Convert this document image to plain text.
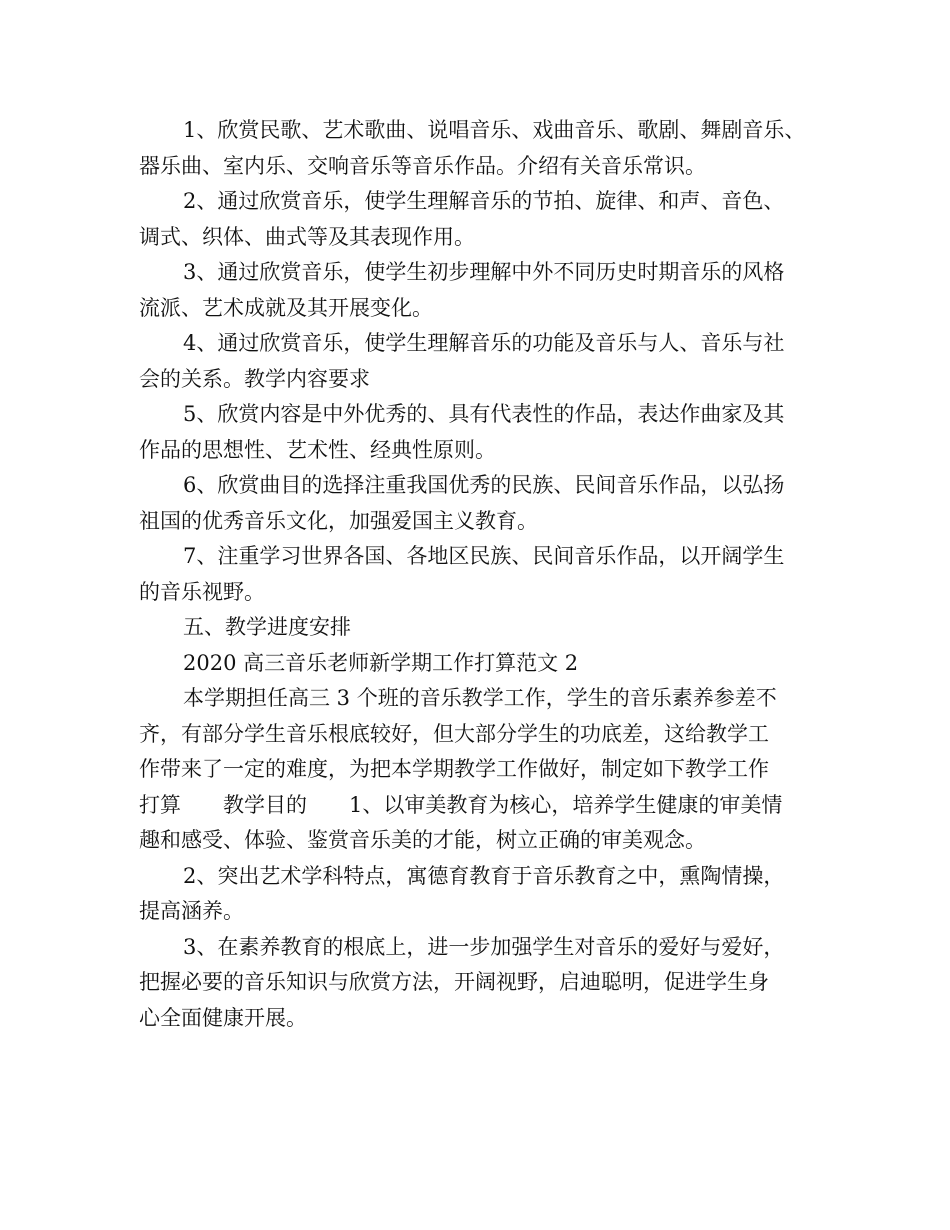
1、欣赏民歌、艺术歌曲、说唱音乐、戏曲音乐、歌剧、舞剧音乐、
器乐曲、室内乐、交响音乐等音乐作品。介绍有关音乐常识。

2、通过欣赏音乐，使学生理解音乐的节拍、旋律、和声、音色、
调式、织体、曲式等及其表现作用。

3、通过欣赏音乐，使学生初步理解中外不同历史时期音乐的风格
流派、艺术成就及其开展变化。

4、通过欣赏音乐，使学生理解音乐的功能及音乐与人、音乐与社
会的关系。教学内容要求

5、欣赏内容是中外优秀的、具有代表性的作品，表达作曲家及其
作品的思想性、艺术性、经典性原则。

6、欣赏曲目的选择注重我国优秀的民族、民间音乐作品，以弘扬
祖国的优秀音乐文化，加强爱国主义教育。

7、注重学习世界各国、各地区民族、民间音乐作品，以开阔学生
的音乐视野。

五、教学进度安排

2020 高三音乐老师新学期工作打算范文 2

本学期担任高三 3 个班的音乐教学工作，学生的音乐素养参差不
齐，有部分学生音乐根底较好，但大部分学生的功底差，这给教学工
作带来了一定的难度，为把本学期教学工作做好，制定如下教学工作
打算　　教学目的　　1、以审美教育为核心，培养学生健康的审美情
趣和感受、体验、鉴赏音乐美的才能，树立正确的审美观念。

2、突出艺术学科特点，寓德育教育于音乐教育之中，熏陶情操，
提高涵养。

3、在素养教育的根底上，进一步加强学生对音乐的爱好与爱好，
把握必要的音乐知识与欣赏方法，开阔视野，启迪聪明，促进学生身
心全面健康开展。
